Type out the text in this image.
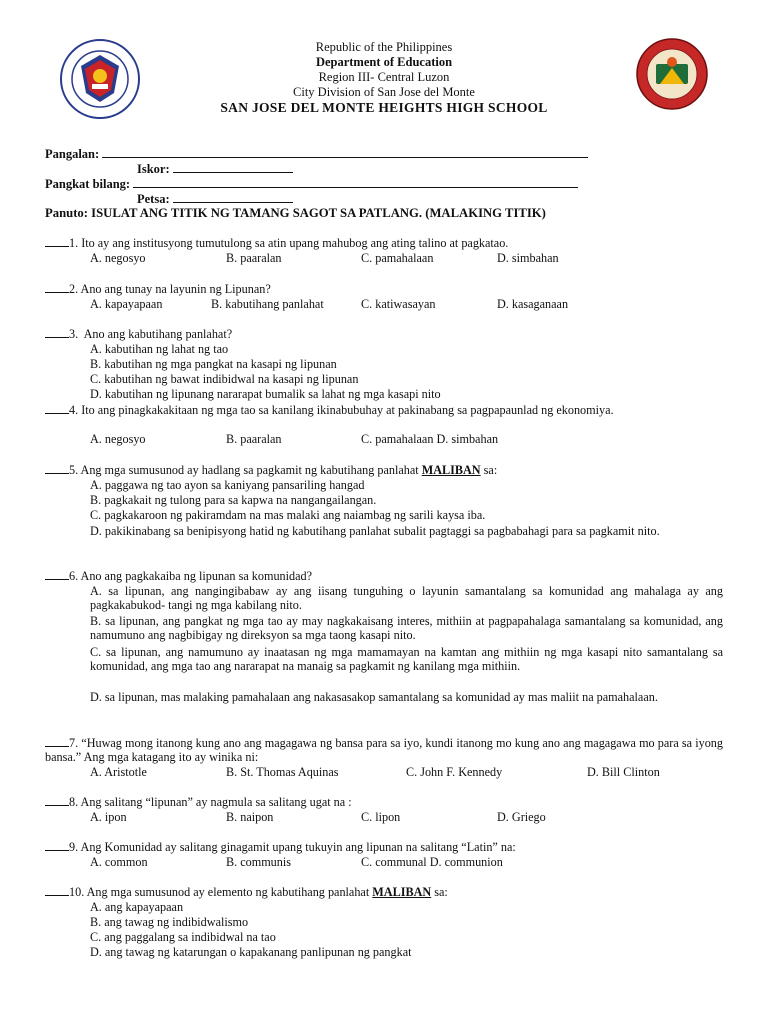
Republic of the Philippines
Department of Education
Region III- Central Luzon
City Division of San Jose del Monte
SAN JOSE DEL MONTE HEIGHTS HIGH SCHOOL
Pangalan:
Iskor:
Pangkat bilang:
Petsa:
Panuto: ISULAT ANG TITIK NG TAMANG SAGOT SA PATLANG. (MALAKING TITIK)
1. Ito ay ang institusyong tumutulong sa atin upang mahubog ang ating talino at pagkatao.
A. negosyo	B. paaralan	C. pamahalaan	D. simbahan
2. Ano ang tunay na layunin ng Lipunan?
A. kapayapaan	B. kabutihang panlahat	C. katiwasayan	D. kasaganaan
3. Ano ang kabutihang panlahat?
A. kabutihan ng lahat ng tao
B. kabutihan ng mga pangkat na kasapi ng lipunan
C. kabutihan ng bawat indibidwal na kasapi ng lipunan
D. kabutihan ng lipunang nararapat bumalik sa lahat ng mga kasapi nito
4. Ito ang pinagkakakitaan ng mga tao sa kanilang ikinabubuhay at pakinabang sa pagpapaunlad ng ekonomiya.
A. negosyo	B. paaralan	C. pamahalaan D. simbahan
5. Ang mga sumusunod ay hadlang sa pagkamit ng kabutihang panlahat MALIBAN sa:
A. paggawa ng tao ayon sa kaniyang pansariling hangad
B. pagkakait ng tulong para sa kapwa na nangangailangan.
C. pagkakaroon ng pakiramdam na mas malaki ang naiambag ng sarili kaysa iba.
D. pakikinabang sa benipisyong hatid ng kabutihang panlahat subalit pagtaggi sa pagbabahagi para sa pagkamit nito.
6. Ano ang pagkakaiba ng lipunan sa komunidad?
A. sa lipunan, ang nangingibabaw ay ang iisang tunguhing o layunin samantalang sa komunidad ang mahalaga ay ang pagkakabukod- tangi ng mga kabilang nito.
B. sa lipunan, ang pangkat ng mga tao ay may nagkakaisang interes, mithiin at pagpapahalaga samantalang sa komunidad, ang namumuno ang nagbibigay ng direksyon sa mga taong kasapi nito.
C. sa lipunan, ang namumuno ay inaatasan ng mga mamamayan na kamtan ang mithiin ng mga kasapi nito samantalang sa komunidad, ang mga tao ang nararapat na manaig sa pagkamit ng kanilang mga mithiin.
D. sa lipunan, mas malaking pamahalaan ang nakasasakop samantalang sa komunidad ay mas maliit na pamahalaan.
7. “Huwag mong itanong kung ano ang magagawa ng bansa para sa iyo, kundi itanong mo kung ano ang magagawa mo para sa iyong bansa.” Ang mga katagang ito ay winika ni:
A. Aristotle	B. St. Thomas Aquinas	C. John F. Kennedy	D. Bill Clinton
8. Ang salitang “lipunan” ay nagmula sa salitang ugat na :
A. ipon	B. naipon	C. lipon	D. Griego
9. Ang Komunidad ay salitang ginagamit upang tukuyin ang lipunan na salitang “Latin” na:
A. common	B. communis	C. communal D. communion
10. Ang mga sumusunod ay elemento ng kabutihang panlahat MALIBAN sa:
A. ang kapayapaan
B. ang tawag ng indibidwalismo
C. ang paggalang sa indibidwal na tao
D. ang tawag ng katarungan o kapakanang panlipunan ng pangkat
